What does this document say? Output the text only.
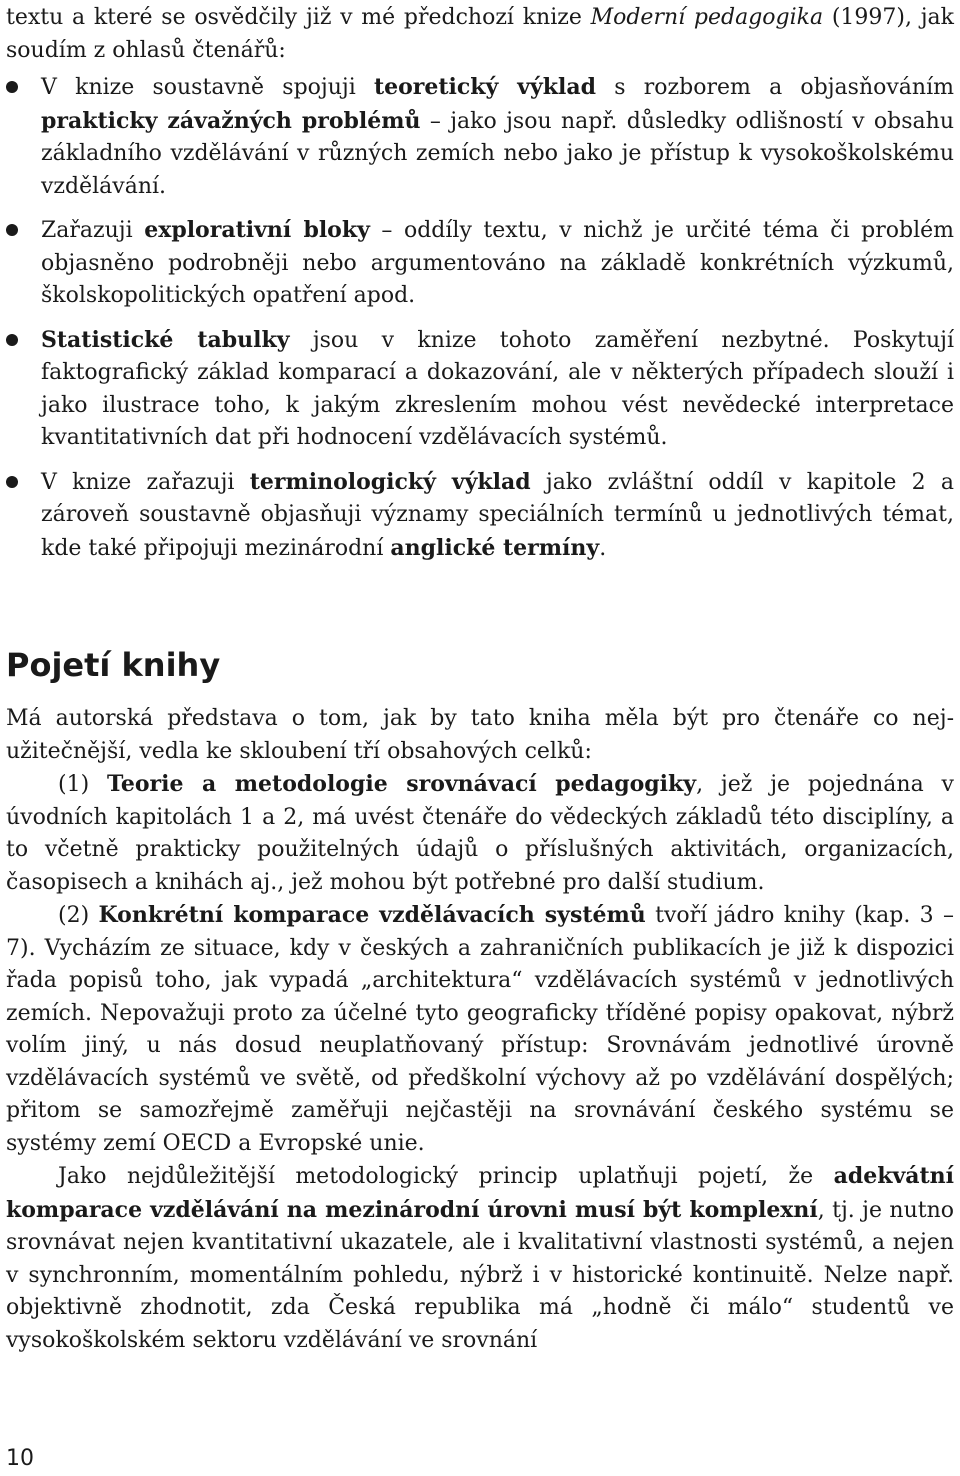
textu a které se osvědčily již v mé předchozí knize Moderní pedagogika (1997), jak soudím z ohlasů čtenářů:

V knize soustavně spojuji teoretický výklad s rozborem a objasňováním prakticky závažných problémů – jako jsou např. důsledky odlišností v obsahu základního vzdělávání v různých zemích nebo jako je přístup k vysokoškolskému vzdělávání.
Zařazuji explorativní bloky – oddíly textu, v nichž je určité téma či problém objasněno podrobněji nebo argumentováno na základě konkrétních výzkumů, školskopolitických opatření apod.
Statistické tabulky jsou v knize tohoto zaměření nezbytné. Poskytují faktografický základ komparací a dokazování, ale v některých případech slouží i jako ilustrace toho, k jakým zkreslením mohou vést nevědecké interpretace kvantitativních dat při hodnocení vzdělávacích systémů.
V knize zařazuji terminologický výklad jako zvláštní oddíl v kapitole 2 a zároveň soustavně objasňuji významy speciálních termínů u jednotlivých témat, kde také připojuji mezinárodní anglické termíny.
Pojetí knihy

Má autorská představa o tom, jak by tato kniha měla být pro čtenáře co nejužitečnější, vedla ke skloubení tří obsahových celků:

(1) Teorie a metodologie srovnávací pedagogiky, jež je pojednána v úvodních kapitolách 1 a 2, má uvést čtenáře do vědeckých základů této disciplíny, a to včetně prakticky použitelných údajů o příslušných aktivitách, organizacích, časopisech a knihách aj., jež mohou být potřebné pro další studium.

(2) Konkrétní komparace vzdělávacích systémů tvoří jádro knihy (kap. 3 –7). Vycházím ze situace, kdy v českých a zahraničních publikacích je již k dispozici řada popisů toho, jak vypadá „architektura“ vzdělávacích systémů v jednotlivých zemích. Nepovažuji proto za účelné tyto geograficky tříděné popisy opakovat, nýbrž volím jiný, u nás dosud neuplatňovaný přístup: Srovnávám jednotlivé úrovně vzdělávacích systémů ve světě, od předškolní výchovy až po vzdělávání dospělých; přitom se samozřejmě zaměřuji nejčastěji na srovnávání českého systému se systémy zemí OECD a Evropské unie.

Jako nejdůležitější metodologický princip uplatňuji pojetí, že adekvátní komparace vzdělávání na mezinárodní úrovni musí být komplexní, tj. je nutno srovnávat nejen kvantitativní ukazatele, ale i kvalitativní vlastnosti systémů, a nejen v synchronním, momentálním pohledu, nýbrž i v historické kontinuitě. Nelze např. objektivně zhodnotit, zda Česká republika má „hodně či málo“ studentů ve vysokoškolském sektoru vzdělávání ve srovnání

10
